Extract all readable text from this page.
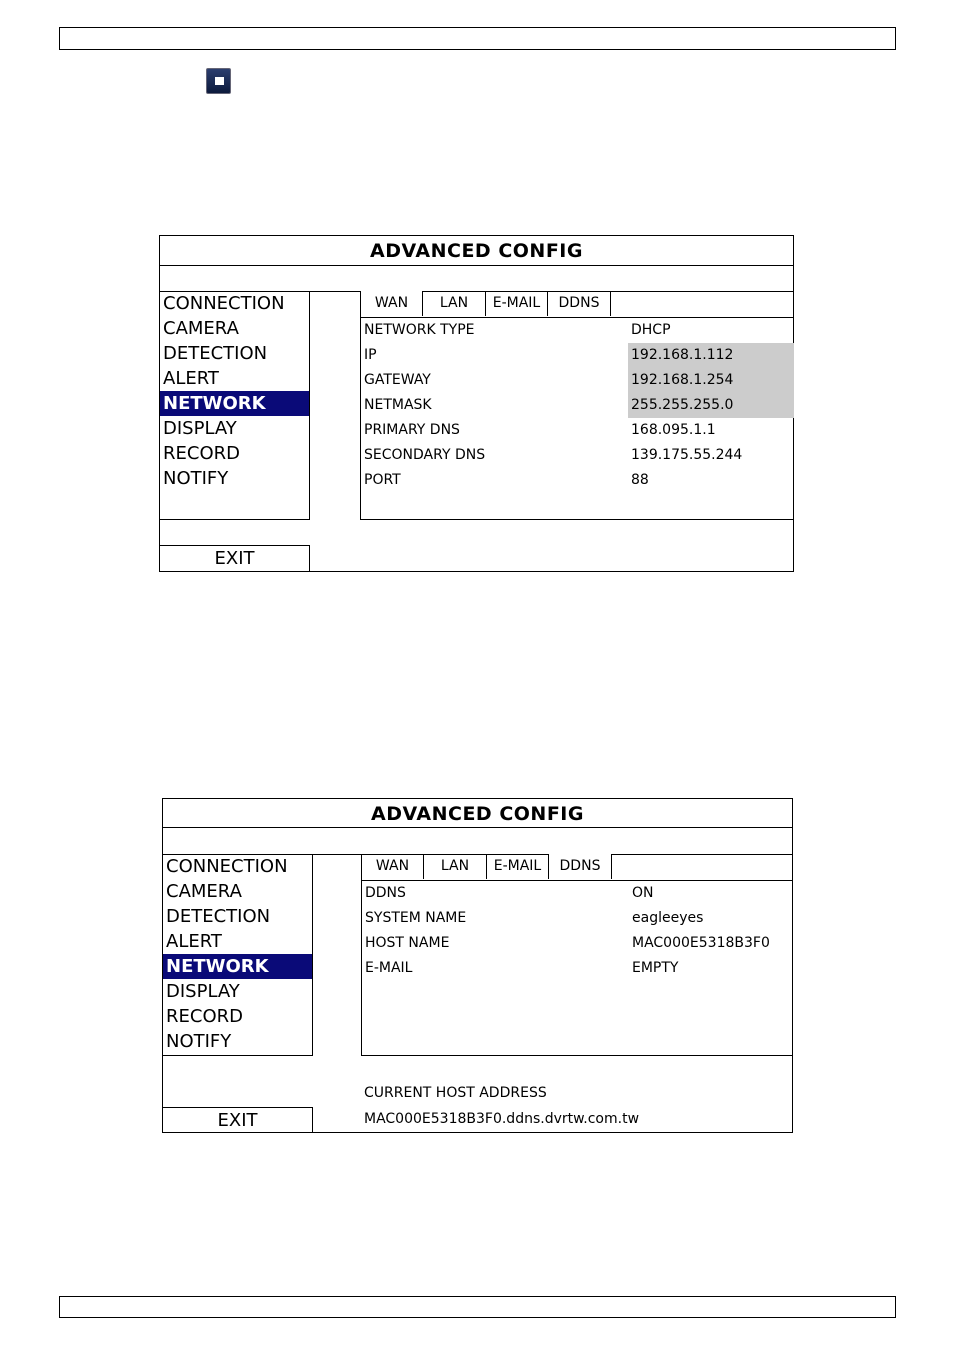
ADVANCED CONFIG
CONNECTION
CAMERA
DETECTION
ALERT
NETWORK
DISPLAY
RECORD
NOTIFY
WAN	LAN	E-MAIL	DDNS
NETWORK TYPE	DHCP
IP	192.168.1.112
GATEWAY	192.168.1.254
NETMASK	255.255.255.0
PRIMARY DNS	168.095.1.1
SECONDARY DNS	139.175.55.244
PORT	88
EXIT
ADVANCED CONFIG
CONNECTION
CAMERA
DETECTION
ALERT
NETWORK
DISPLAY
RECORD
NOTIFY
WAN	LAN	E-MAIL	DDNS
DDNS	ON
SYSTEM NAME	eagleeyes
HOST NAME	MAC000E5318B3F0
E-MAIL	EMPTY
CURRENT HOST ADDRESS
MAC000E5318B3F0.ddns.dvrtw.com.tw
EXIT
